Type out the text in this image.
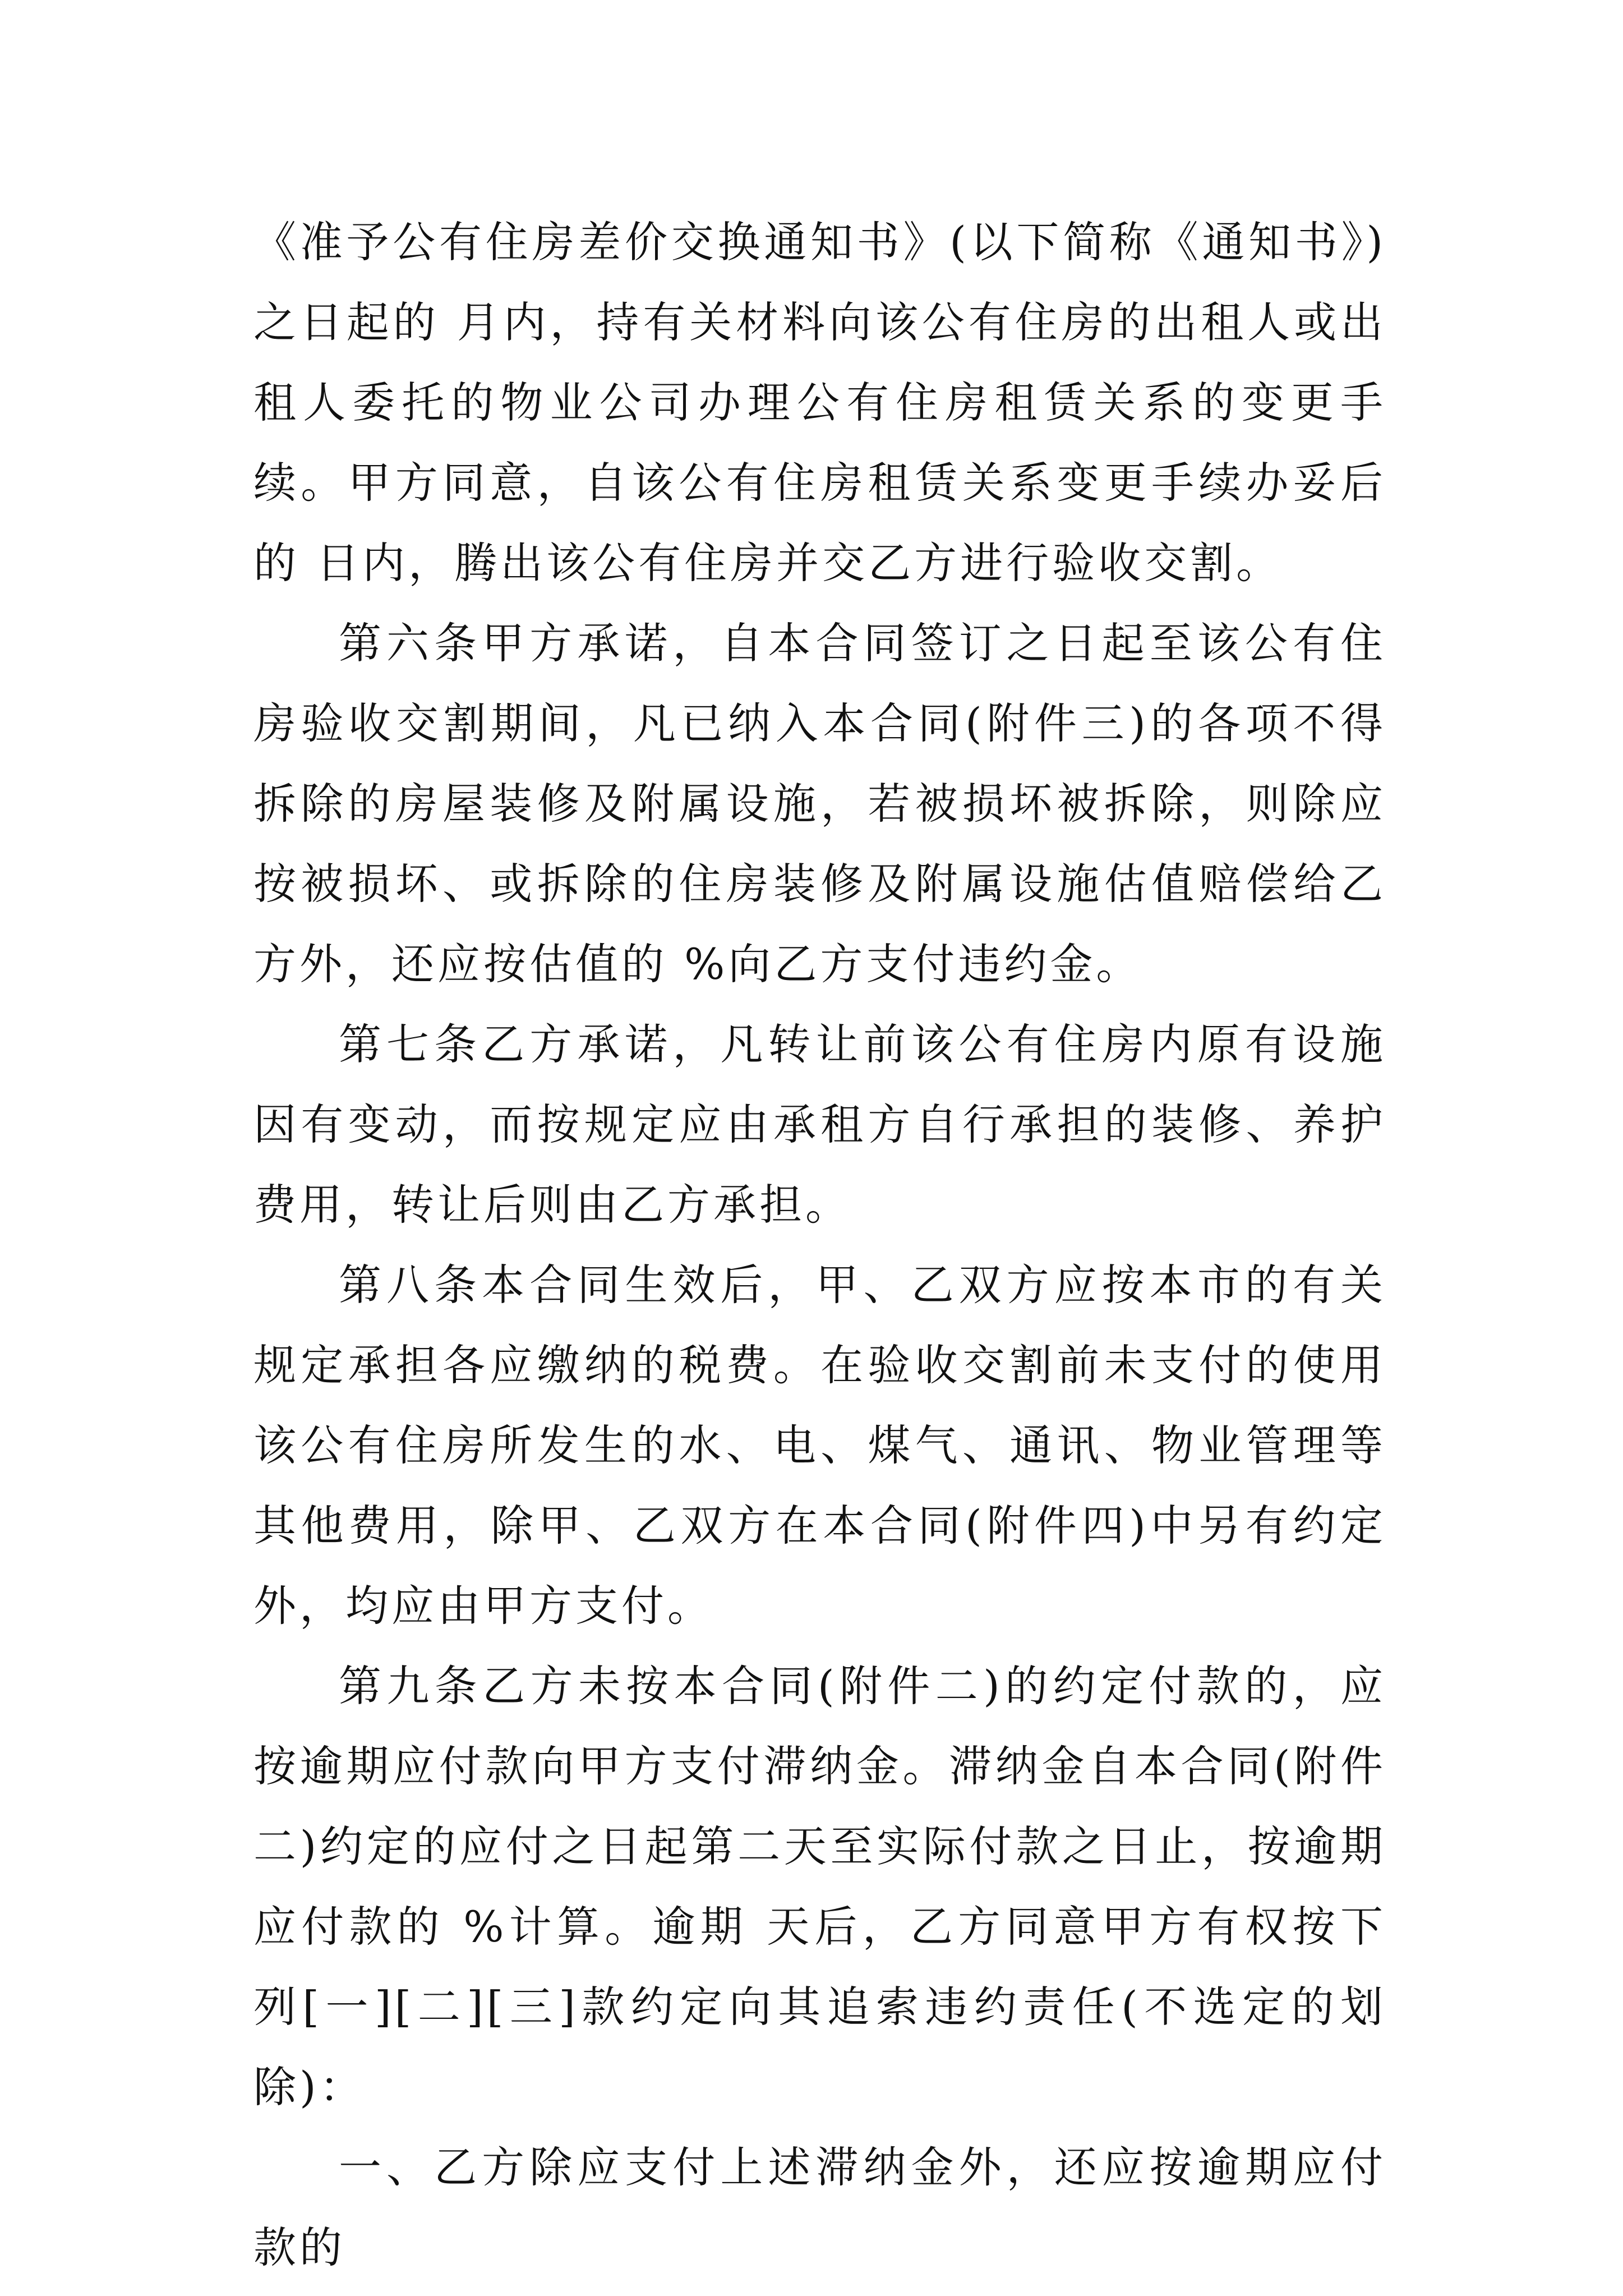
《准予公有住房差价交换通知书》(以下简称《通知书》)之日起的 月内，持有关材料向该公有住房的出租人或出租人委托的物业公司办理公有住房租赁关系的变更手续。甲方同意，自该公有住房租赁关系变更手续办妥后的 日内，腾出该公有住房并交乙方进行验收交割。

第六条甲方承诺，自本合同签订之日起至该公有住房验收交割期间，凡已纳入本合同(附件三)的各项不得拆除的房屋装修及附属设施，若被损坏被拆除，则除应按被损坏、或拆除的住房装修及附属设施估值赔偿给乙方外，还应按估值的 %向乙方支付违约金。

第七条乙方承诺，凡转让前该公有住房内原有设施因有变动，而按规定应由承租方自行承担的装修、养护费用，转让后则由乙方承担。

第八条本合同生效后，甲、乙双方应按本市的有关规定承担各应缴纳的税费。在验收交割前未支付的使用该公有住房所发生的水、电、煤气、通讯、物业管理等其他费用，除甲、乙双方在本合同(附件四)中另有约定外，均应由甲方支付。

第九条乙方未按本合同(附件二)的约定付款的，应按逾期应付款向甲方支付滞纳金。滞纳金自本合同(附件二)约定的应付之日起第二天至实际付款之日止，按逾期应付款的 %计算。逾期 天后，乙方同意甲方有权按下列[一][二][三]款约定向其追索违约责任(不选定的划除)：

一、乙方除应支付上述滞纳金外，还应按逾期应付款的
